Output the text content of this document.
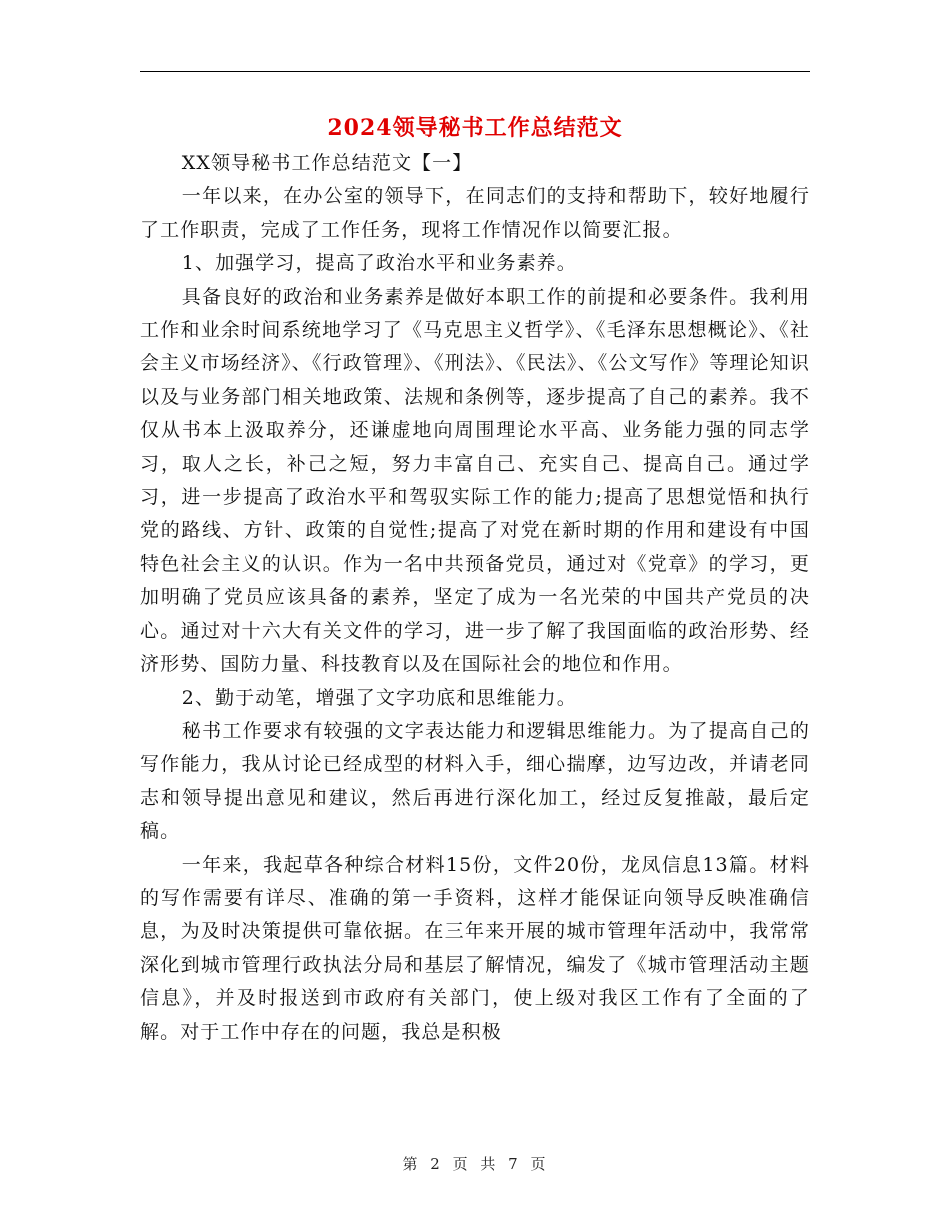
2024领导秘书工作总结范文

XX领导秘书工作总结范文【一】

一年以来，在办公室的领导下，在同志们的支持和帮助下，较好地履行了工作职责，完成了工作任务，现将工作情况作以简要汇报。

1、加强学习，提高了政治水平和业务素养。

具备良好的政治和业务素养是做好本职工作的前提和必要条件。我利用工作和业余时间系统地学习了《马克思主义哲学》、《毛泽东思想概论》、《社会主义市场经济》、《行政管理》、《刑法》、《民法》、《公文写作》等理论知识以及与业务部门相关地政策、法规和条例等，逐步提高了自己的素养。我不仅从书本上汲取养分，还谦虚地向周围理论水平高、业务能力强的同志学习，取人之长，补己之短，努力丰富自己、充实自己、提高自己。通过学习，进一步提高了政治水平和驾驭实际工作的能力;提高了思想觉悟和执行党的路线、方针、政策的自觉性;提高了对党在新时期的作用和建设有中国特色社会主义的认识。作为一名中共预备党员，通过对《党章》的学习，更加明确了党员应该具备的素养，坚定了成为一名光荣的中国共产党员的决心。通过对十六大有关文件的学习，进一步了解了我国面临的政治形势、经济形势、国防力量、科技教育以及在国际社会的地位和作用。

2、勤于动笔，增强了文字功底和思维能力。

秘书工作要求有较强的文字表达能力和逻辑思维能力。为了提高自己的写作能力，我从讨论已经成型的材料入手，细心揣摩，边写边改，并请老同志和领导提出意见和建议，然后再进行深化加工，经过反复推敲，最后定稿。

一年来，我起草各种综合材料15份，文件20份，龙凤信息13篇。材料的写作需要有详尽、准确的第一手资料，这样才能保证向领导反映准确信息，为及时决策提供可靠依据。在三年来开展的城市管理年活动中，我常常深化到城市管理行政执法分局和基层了解情况，编发了《城市管理活动主题信息》，并及时报送到市政府有关部门，使上级对我区工作有了全面的了解。对于工作中存在的问题，我总是积极

第 2 页 共 7 页
